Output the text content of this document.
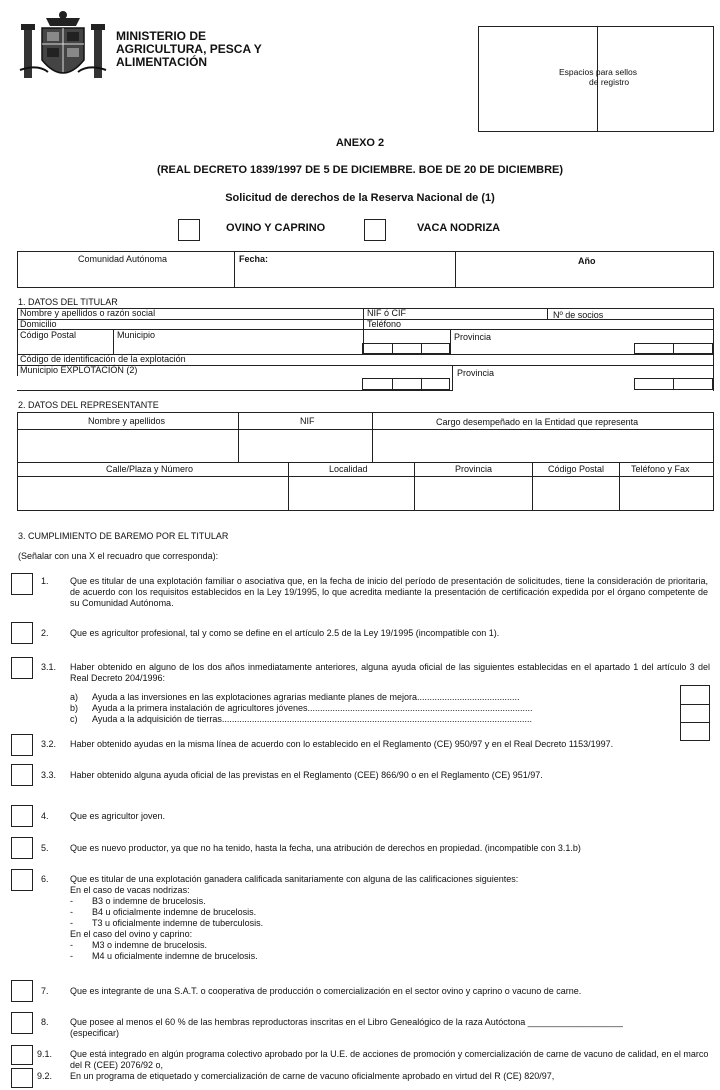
MINISTERIO DE
AGRICULTURA, PESCA Y
ALIMENTACIÓN
Espacios para sellos
de registro
ANEXO 2
(REAL DECRETO 1839/1997 DE 5 DE DICIEMBRE. BOE DE 20 DE DICIEMBRE)
Solicitud de derechos de la Reserva Nacional de (1)
OVINO Y CAPRINO	VACA NODRIZA
Comunidad Autónoma	Fecha:	Año
1. DATOS DEL TITULAR
Nombre y apellidos o razón social	NIF ó CIF	Nº de socios
Domicilio	Teléfono
Código Postal	Municipio	Provincia
Código de identificación de la explotación
Municipio EXPLOTACIÓN (2)	Provincia
2. DATOS DEL REPRESENTANTE
Nombre y apellidos	NIF	Cargo desempeñado en la Entidad que representa
Calle/Plaza y Número	Localidad	Provincia	Código Postal	Teléfono y Fax
3. CUMPLIMIENTO DE BAREMO POR EL TITULAR
(Señalar con una X el recuadro que corresponda):
1. Que es titular de una explotación familiar o asociativa que, en la fecha de inicio del período de presentación de solicitudes, tiene la consideración de prioritaria, de acuerdo con los requisitos establecidos en la Ley 19/1995, lo que acredita mediante la presentación de certificación expedida por el órgano competente de su Comunidad Autónoma.
2. Que es agricultor profesional, tal y como se define en el artículo 2.5 de la Ley 19/1995 (incompatible con 1).
3.1. Haber obtenido en alguno de los dos años inmediatamente anteriores, alguna ayuda oficial de las siguientes establecidas en el apartado 1 del artículo 3 del Real Decreto 204/1996:
a) Ayuda a las inversiones en las explotaciones agrarias mediante planes de mejora.........................................
b) Ayuda a la primera instalación de agricultores jóvenes..........................................................................................
c) Ayuda a la adquisición de tierras............................................................................................................................
3.2. Haber obtenido ayudas en la misma línea de acuerdo con lo establecido en el Reglamento (CE) 950/97 y en el Real Decreto 1153/1997.
3.3. Haber obtenido alguna ayuda oficial de las previstas en el Reglamento (CEE) 866/90 o en el Reglamento (CE) 951/97.
4. Que es agricultor joven.
5. Que es nuevo productor, ya que no ha tenido, hasta la fecha, una atribución de derechos en propiedad. (incompatible con 3.1.b)
6. Que es titular de una explotación ganadera calificada sanitariamente con alguna de las calificaciones siguientes:
En el caso de vacas nodrizas:
- B3 o indemne de brucelosis.
- B4 u oficialmente indemne de brucelosis.
- T3 u oficialmente indemne de tuberculosis.
En el caso del ovino y caprino:
- M3 o indemne de brucelosis.
- M4 u oficialmente indemne de brucelosis.
7. Que es integrante de una S.A.T. o cooperativa de producción o comercialización en el sector ovino y caprino o vacuno de carne.
8. Que posee al menos el 60 % de las hembras reproductoras inscritas en el Libro Genealógico de la raza Autóctona ___________________
(especificar)
9.1. Que está integrado en algún programa colectivo aprobado por la U.E. de acciones de promoción y comercialización de carne de vacuno de calidad, en el marco del R (CEE) 2076/92 o,
9.2. En un programa de etiquetado y comercialización de carne de vacuno oficialmente aprobado en virtud del R (CE) 820/97,
